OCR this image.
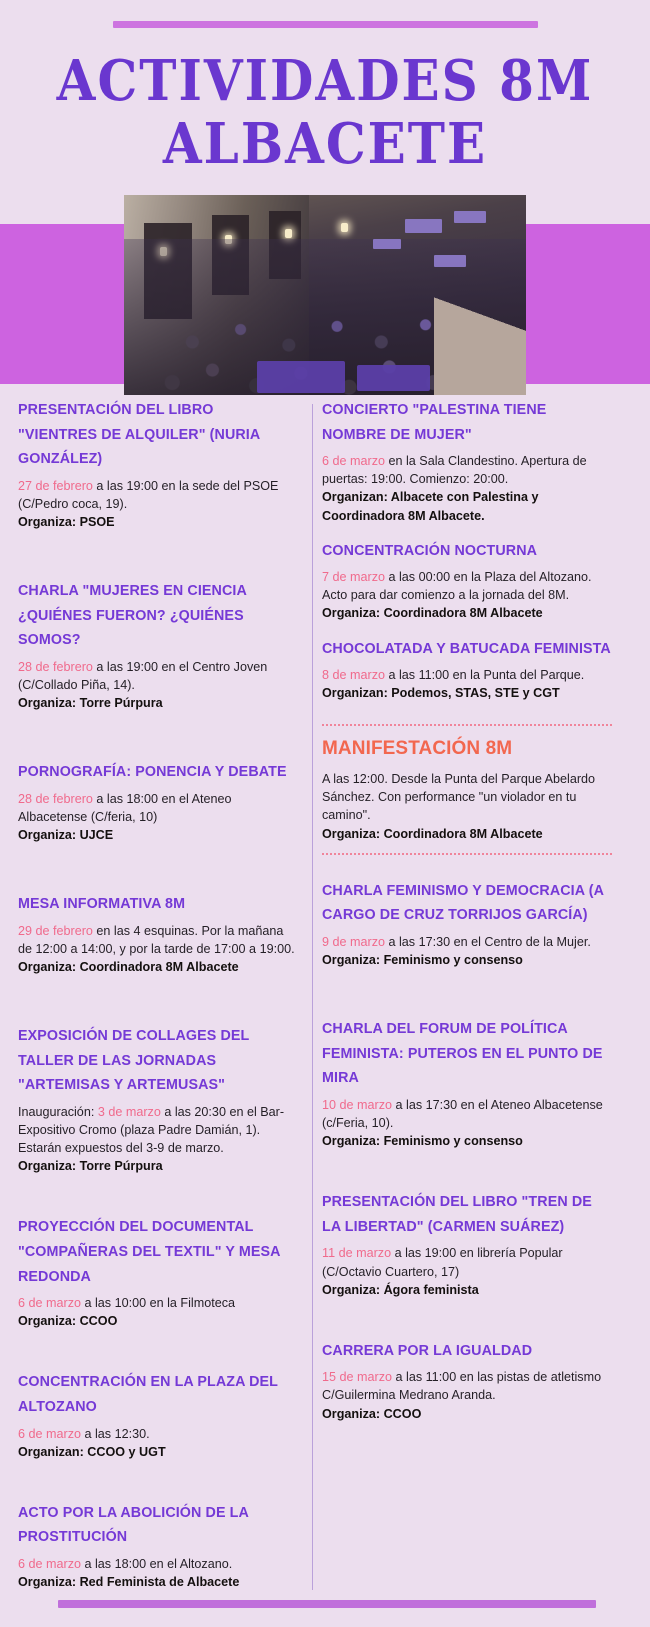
ACTIVIDADES 8M
ALBACETE
PRESENTACIÓN DEL LIBRO "VIENTRES DE ALQUILER" (NURIA GONZÁLEZ)

27 de febrero a las 19:00 en la sede del PSOE (C/Pedro coca, 19).
Organiza: PSOE

CHARLA "MUJERES EN CIENCIA ¿QUIÉNES FUERON? ¿QUIÉNES SOMOS?

28 de febrero a las 19:00 en el Centro Joven (C/Collado Piña, 14).
Organiza: Torre Púrpura

PORNOGRAFÍA: PONENCIA Y DEBATE

28 de febrero a las 18:00 en el Ateneo Albacetense (C/feria, 10)
Organiza: UJCE

MESA INFORMATIVA 8M

29 de febrero en las 4 esquinas. Por la mañana de 12:00 a 14:00, y por la tarde de 17:00 a 19:00.
Organiza: Coordinadora 8M Albacete

EXPOSICIÓN DE COLLAGES DEL TALLER DE LAS JORNADAS "ARTEMISAS Y ARTEMUSAS"

Inauguración: 3 de marzo a las 20:30 en el Bar-Expositivo Cromo (plaza Padre Damián, 1). Estarán expuestos del 3-9 de marzo.
Organiza: Torre Púrpura

PROYECCIÓN DEL DOCUMENTAL "COMPAÑERAS DEL TEXTIL" Y MESA REDONDA

6 de marzo a las 10:00 en la Filmoteca
Organiza: CCOO

CONCENTRACIÓN EN LA PLAZA DEL ALTOZANO

6 de marzo a las 12:30.
Organizan: CCOO y UGT

ACTO POR LA ABOLICIÓN DE LA PROSTITUCIÓN

6 de marzo a las 18:00 en el Altozano.
Organiza: Red Feminista de Albacete

CONCIERTO "PALESTINA TIENE NOMBRE DE MUJER"

6 de marzo en la Sala Clandestino. Apertura de puertas: 19:00. Comienzo: 20:00.
Organizan: Albacete con Palestina y Coordinadora 8M Albacete.

CONCENTRACIÓN NOCTURNA

7 de marzo a las 00:00 en la Plaza del Altozano. Acto para dar comienzo a la jornada del 8M.
Organiza: Coordinadora 8M Albacete

CHOCOLATADA Y BATUCADA FEMINISTA

8 de marzo a las 11:00 en la Punta del Parque.
Organizan: Podemos, STAS, STE y CGT

MANIFESTACIÓN 8M

A las 12:00. Desde la Punta del Parque Abelardo Sánchez. Con performance "un violador en tu camino".
Organiza: Coordinadora 8M Albacete

CHARLA FEMINISMO Y DEMOCRACIA (A CARGO DE CRUZ TORRIJOS GARCÍA)

9 de marzo a las 17:30 en el Centro de la Mujer.
Organiza: Feminismo y consenso

CHARLA DEL FORUM DE POLÍTICA FEMINISTA: PUTEROS EN EL PUNTO DE MIRA

10 de marzo a las 17:30 en el Ateneo Albacetense (c/Feria, 10).
Organiza: Feminismo y consenso

PRESENTACIÓN DEL LIBRO "TREN DE LA LIBERTAD" (CARMEN SUÁREZ)

11 de marzo a las 19:00 en librería Popular (C/Octavio Cuartero, 17)
Organiza: Ágora feminista

CARRERA POR LA IGUALDAD

15 de marzo a las 11:00 en las pistas de atletismo C/Guilermina Medrano Aranda.
Organiza: CCOO
